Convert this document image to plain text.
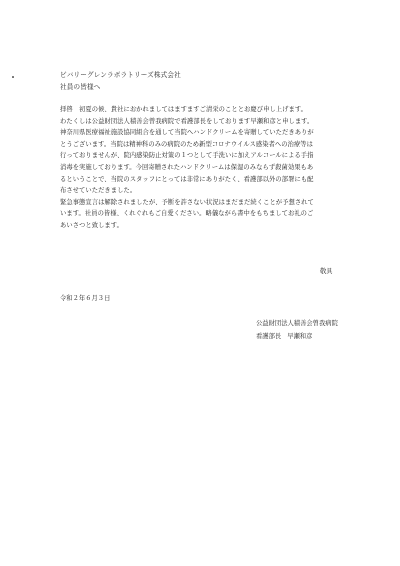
ビバリーグレンラボラトリーズ株式会社
社員の皆様へ
拝啓　初夏の候、貴社におかれましてはますますご清栄のこととお慶び申し上げます。
わたくしは公益財団法人積善会曽我病院で看護部長をしております早瀬和彦と申します。
神奈川県医療福祉施設協同組合を通して当院へハンドクリームを寄贈していただきありが
とうございます。当院は精神科のみの病院のため新型コロナウイルス感染者への治療等は
行っておりませんが、院内感染防止対策の１つとして手洗いに加えアルコールによる手指
消毒を実施しております。今回寄贈されたハンドクリームは保湿のみならず殺菌効果もあ
るということで、当院のスタッフにとっては非常にありがたく、看護部以外の部署にも配
布させていただきました。
緊急事態宣言は解除されましたが、予断を許さない状況はまだまだ続くことが予想されて
います。社員の皆様、くれぐれもご自愛ください。略儀ながら書中をもちましてお礼のご
あいさつと致します。
敬具
令和２年６月３日
公益財団法人積善会曽我病院
看護部長 早瀬和彦
